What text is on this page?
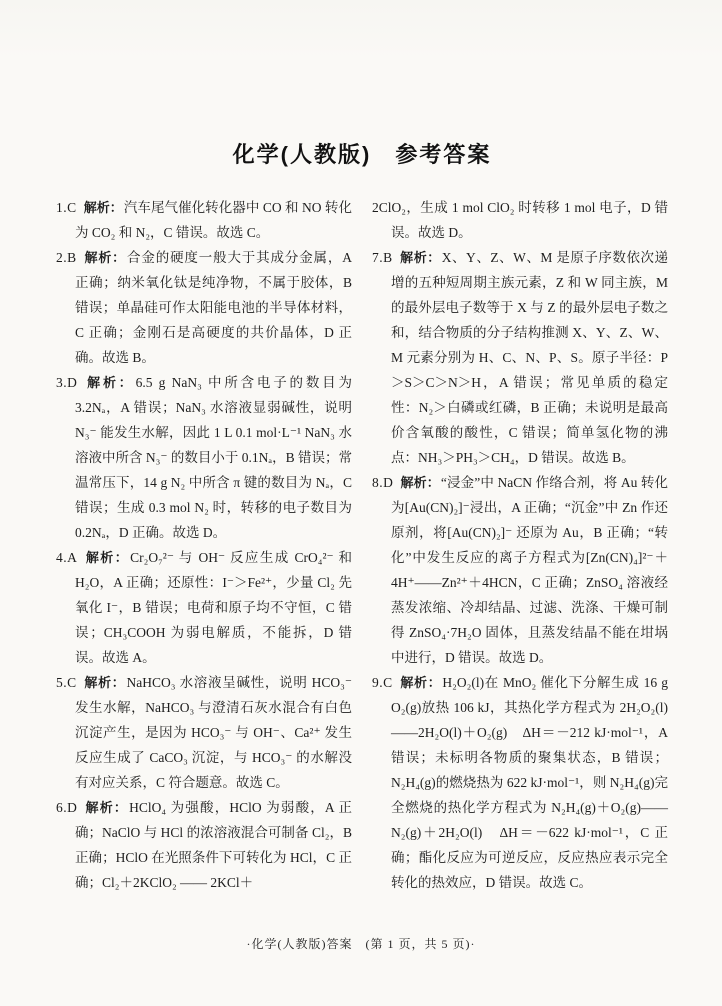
化学(人教版)　参考答案

1.C 解析：汽车尾气催化转化器中 CO 和 NO 转化为 CO₂ 和 N₂，C 错误。故选 C。

2.B 解析：合金的硬度一般大于其成分金属，A 正确；纳米氧化钛是纯净物，不属于胶体，B 错误；单晶硅可作太阳能电池的半导体材料，C 正确；金刚石是高硬度的共价晶体，D 正确。故选 B。

3.D 解析：6.5 g NaN₃ 中所含电子的数目为 3.2Nₐ，A 错误；NaN₃ 水溶液显弱碱性，说明 N₃⁻ 能发生水解，因此 1 L 0.1 mol·L⁻¹ NaN₃ 水溶液中所含 N₃⁻ 的数目小于 0.1Nₐ，B 错误；常温常压下，14 g N₂ 中所含 π 键的数目为 Nₐ，C 错误；生成 0.3 mol N₂ 时，转移的电子数目为 0.2Nₐ，D 正确。故选 D。

4.A 解析：Cr₂O₇²⁻ 与 OH⁻ 反应生成 CrO₄²⁻ 和 H₂O，A 正确；还原性：I⁻＞Fe²⁺，少量 Cl₂ 先氧化 I⁻，B 错误；电荷和原子均不守恒，C 错误；CH₃COOH 为弱电解质，不能拆，D 错误。故选 A。

5.C 解析：NaHCO₃ 水溶液呈碱性，说明 HCO₃⁻ 发生水解，NaHCO₃ 与澄清石灰水混合有白色沉淀产生，是因为 HCO₃⁻ 与 OH⁻、Ca²⁺ 发生反应生成了 CaCO₃ 沉淀，与 HCO₃⁻ 的水解没有对应关系，C 符合题意。故选 C。

6.D 解析：HClO₄ 为强酸，HClO 为弱酸，A 正确；NaClO 与 HCl 的浓溶液混合可制备 Cl₂，B 正确；HClO 在光照条件下可转化为 HCl，C 正确；Cl₂＋2KClO₂ —— 2KCl＋

2ClO₂，生成 1 mol ClO₂ 时转移 1 mol 电子，D 错误。故选 D。

7.B 解析：X、Y、Z、W、M 是原子序数依次递增的五种短周期主族元素，Z 和 W 同主族，M 的最外层电子数等于 X 与 Z 的最外层电子数之和，结合物质的分子结构推测 X、Y、Z、W、M 元素分别为 H、C、N、P、S。原子半径：P＞S＞C＞N＞H，A 错误；常见单质的稳定性：N₂＞白磷或红磷，B 正确；未说明是最高价含氧酸的酸性，C 错误；简单氢化物的沸点：NH₃＞PH₃＞CH₄，D 错误。故选 B。

8.D 解析：“浸金”中 NaCN 作络合剂，将 Au 转化为[Au(CN)₂]⁻浸出，A 正确；“沉金”中 Zn 作还原剂，将[Au(CN)₂]⁻ 还原为 Au，B 正确；“转化”中发生反应的离子方程式为[Zn(CN)₄]²⁻＋4H⁺——Zn²⁺＋4HCN，C 正确；ZnSO₄ 溶液经蒸发浓缩、冷却结晶、过滤、洗涤、干燥可制得 ZnSO₄·7H₂O 固体，且蒸发结晶不能在坩埚中进行，D 错误。故选 D。

9.C 解析：H₂O₂(l)在 MnO₂ 催化下分解生成 16 g O₂(g)放热 106 kJ，其热化学方程式为 2H₂O₂(l)——2H₂O(l)＋O₂(g)　ΔH＝－212 kJ·mol⁻¹，A 错误；未标明各物质的聚集状态，B 错误；N₂H₄(g)的燃烧热为 622 kJ·mol⁻¹，则 N₂H₄(g)完全燃烧的热化学方程式为 N₂H₄(g)＋O₂(g)—— N₂(g)＋2H₂O(l)　ΔH＝－622 kJ·mol⁻¹，C 正确；酯化反应为可逆反应，反应热应表示完全转化的热效应，D 错误。故选 C。

·化学(人教版)答案　(第 1 页，共 5 页)·
